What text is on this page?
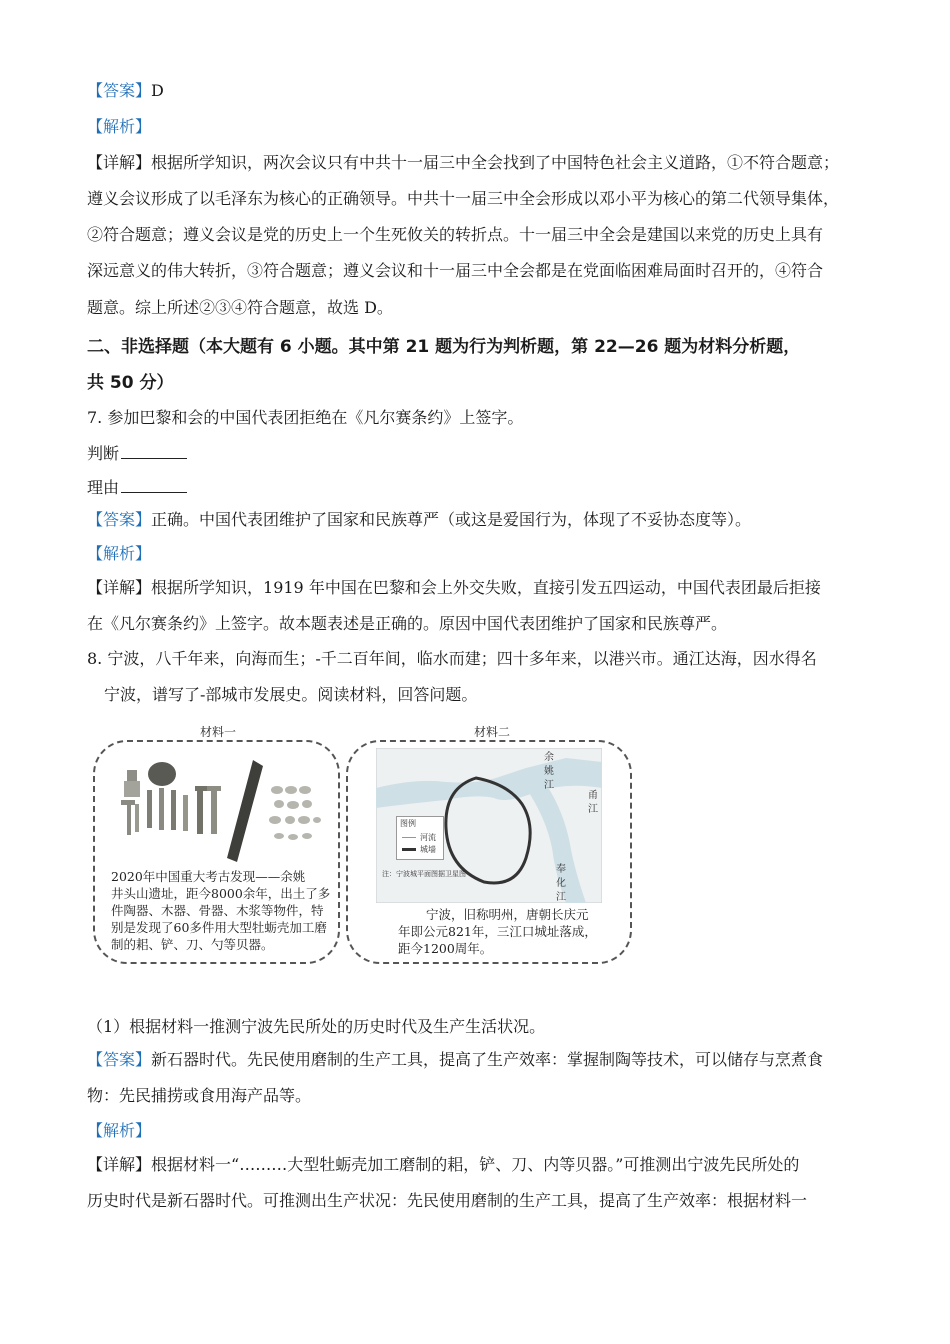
【答案】D
【解析】
【详解】根据所学知识，两次会议只有中共十一届三中全会找到了中国特色社会主义道路，①不符合题意；
遵义会议形成了以毛泽东为核心的正确领导。中共十一届三中全会形成以邓小平为核心的第二代领导集体，
②符合题意；遵义会议是党的历史上一个生死攸关的转折点。十一届三中全会是建国以来党的历史上具有
深远意义的伟大转折，③符合题意；遵义会议和十一届三中全会都是在党面临困难局面时召开的，④符合
题意。综上所述②③④符合题意，故选 D。
二、非选择题（本大题有 6 小题。其中第 21 题为行为判析题，第 22—26 题为材料分析题，
共 50 分）
7. 参加巴黎和会的中国代表团拒绝在《凡尔赛条约》上签字。
判断
理由
【答案】正确。中国代表团维护了国家和民族尊严（或这是爱国行为，体现了不妥协态度等）。
【解析】
【详解】根据所学知识，1919 年中国在巴黎和会上外交失败，直接引发五四运动，中国代表团最后拒接
在《凡尔赛条约》上签字。故本题表述是正确的。原因中国代表团维护了国家和民族尊严。
8. 宁波，八千年来，向海而生；-千二百年间，临水而建；四十多年来，以港兴市。通江达海，因水得名
宁波，谱写了-部城市发展史。阅读材料，回答问题。
材料一
2020年中国重大考古发现——余姚
井头山遗址，距今8000余年，出土了多
件陶器、木器、骨器、木浆等物件，特
别是发现了60多件用大型牡蛎壳加工磨
制的耜、铲、刀、勺等贝器。
材料二
图例
河流
城墙
注：宁波城平面图据卫星图
余
姚
江
甬
江
奉
化
江
宁波，旧称明州，唐朝长庆元
年即公元821年，三江口城址落成，
距今1200周年。
（1）根据材料一推测宁波先民所处的历史时代及生产生活状况。
【答案】新石器时代。先民使用磨制的生产工具，提高了生产效率：掌握制陶等技术，可以储存与烹煮食
物：先民捕捞或食用海产品等。
【解析】
【详解】根据材料一“………大型牡蛎壳加工磨制的耜，铲、刀、内等贝器。”可推测出宁波先民所处的
历史时代是新石器时代。可推测出生产状况：先民使用磨制的生产工具，提高了生产效率：根据材料一
